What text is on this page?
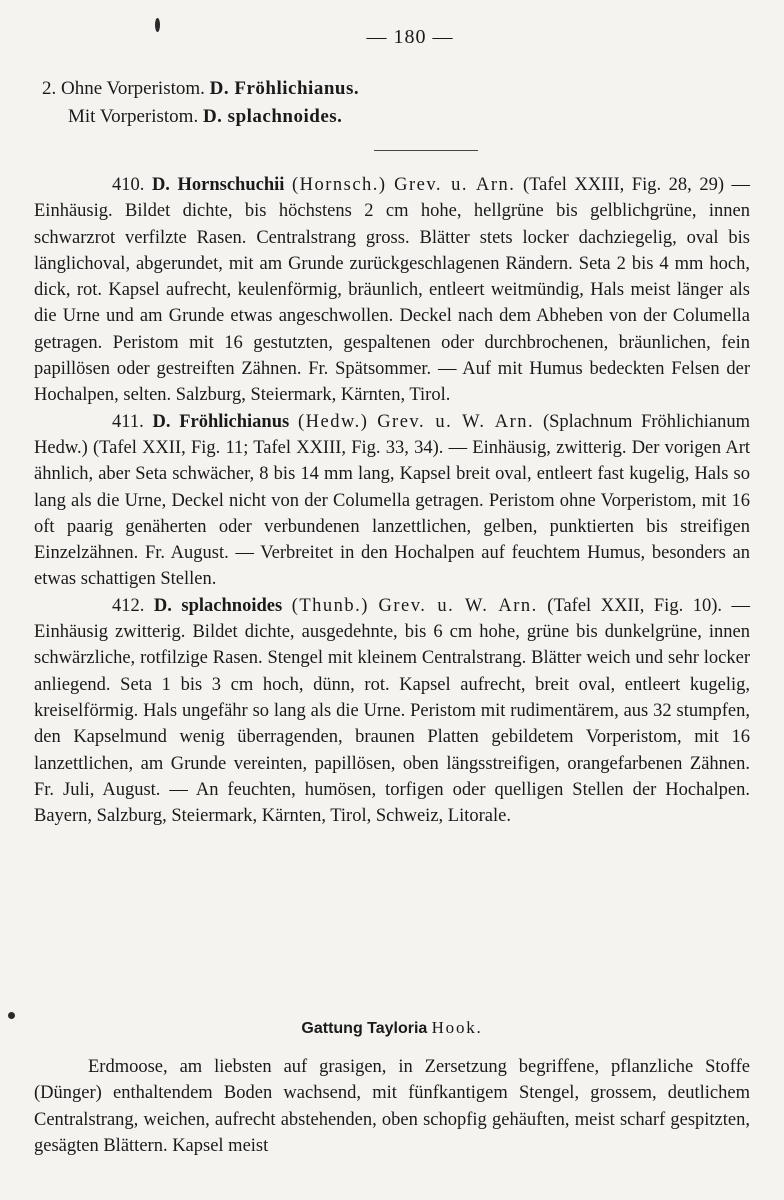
— 180 —
2. Ohne Vorperistom. D. Fröhlichianus.
Mit Vorperistom. D. splachnoides.

410. D. Hornschuchii (Hornsch.) Grev. u. Arn. (Tafel XXIII, Fig. 28, 29) — Einhäusig. Bildet dichte, bis höchstens 2 cm hohe, hellgrüne bis gelblichgrüne, innen schwarzrot verfilzte Rasen. Centralstrang gross. Blätter stets locker dachziegelig, oval bis länglichoval, abgerundet, mit am Grunde zurückgeschlagenen Rändern. Seta 2 bis 4 mm hoch, dick, rot. Kapsel aufrecht, keulenförmig, bräunlich, entleert weitmündig, Hals meist länger als die Urne und am Grunde etwas angeschwollen. Deckel nach dem Abheben von der Columella getragen. Peristom mit 16 gestutzten, gespaltenen oder durchbrochenen, bräunlichen, fein papillösen oder gestreiften Zähnen. Fr. Spätsommer. — Auf mit Humus bedeckten Felsen der Hochalpen, selten. Salzburg, Steiermark, Kärnten, Tirol.

411. D. Fröhlichianus (Hedw.) Grev. u. W. Arn. (Splachnum Fröhlichianum Hedw.) (Tafel XXII, Fig. 11; Tafel XXIII, Fig. 33, 34). — Einhäusig, zwitterig. Der vorigen Art ähnlich, aber Seta schwächer, 8 bis 14 mm lang, Kapsel breit oval, entleert fast kugelig, Hals so lang als die Urne, Deckel nicht von der Columella getragen. Peristom ohne Vorperistom, mit 16 oft paarig genäherten oder verbundenen lanzettlichen, gelben, punktierten bis streifigen Einzelzähnen. Fr. August. — Verbreitet in den Hochalpen auf feuchtem Humus, besonders an etwas schattigen Stellen.

412. D. splachnoides (Thunb.) Grev. u. W. Arn. (Tafel XXII, Fig. 10). — Einhäusig zwitterig. Bildet dichte, ausgedehnte, bis 6 cm hohe, grüne bis dunkelgrüne, innen schwärzliche, rotfilzige Rasen. Stengel mit kleinem Centralstrang. Blätter weich und sehr locker anliegend. Seta 1 bis 3 cm hoch, dünn, rot. Kapsel aufrecht, breit oval, entleert kugelig, kreiselförmig. Hals ungefähr so lang als die Urne. Peristom mit rudimentärem, aus 32 stumpfen, den Kapselmund wenig überragenden, braunen Platten gebildetem Vorperistom, mit 16 lanzettlichen, am Grunde vereinten, papillösen, oben längsstreifigen, orangefarbenen Zähnen. Fr. Juli, August. — An feuchten, humösen, torfigen oder quelligen Stellen der Hochalpen. Bayern, Salzburg, Steiermark, Kärnten, Tirol, Schweiz, Litorale.

Gattung Tayloria Hook.

Erdmoose, am liebsten auf grasigen, in Zersetzung begriffene, pflanzliche Stoffe (Dünger) enthaltendem Boden wachsend, mit fünfkantigem Stengel, grossem, deutlichem Centralstrang, weichen, aufrecht abstehenden, oben schopfig gehäuften, meist scharf gespitzten, gesägten Blättern. Kapsel meist
